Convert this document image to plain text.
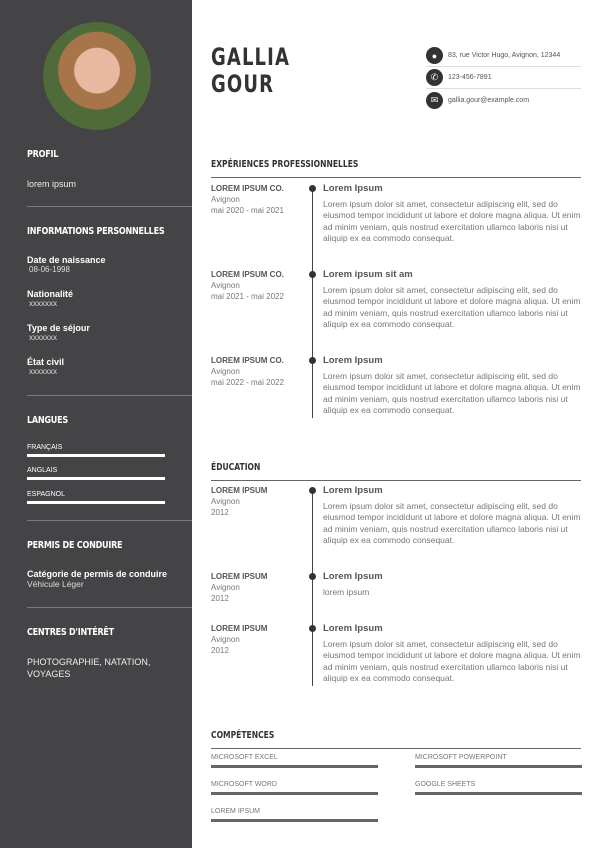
PROFIL
lorem ipsum
INFORMATIONS PERSONNELLES
Date de naissance
08-06-1998
Nationalité
xxxxxxx
Type de séjour
xxxxxxx
État civil
xxxxxxx
LANGUES
FRANÇAIS
ANGLAIS
ESPAGNOL
PERMIS DE CONDUIRE
Catégorie de permis de conduire
Véhicule Léger
CENTRES D'INTÉRÊT
PHOTOGRAPHIE, NATATION, VOYAGES
GALLIA
GOUR
●	83, rue Victor Hugo, Avignon, 12344
✆	123-456-7891
✉	gallia.gour@example.com
EXPÉRIENCES PROFESSIONNELLES
LOREM IPSUM CO.
Avignon
mai 2020 - mai 2021
Lorem Ipsum

Lorem ipsum dolor sit amet, consectetur adipiscing elit, sed do eiusmod tempor incididunt ut labore et dolore magna aliqua. Ut enim ad minim veniam, quis nostrud exercitation ullamco laboris nisi ut aliquip ex ea commodo consequat.

LOREM IPSUM CO.
Avignon
mai 2021 - mai 2022
Lorem ipsum sit am

Lorem ipsum dolor sit amet, consectetur adipiscing elit, sed do eiusmod tempor incididunt ut labore et dolore magna aliqua. Ut enim ad minim veniam, quis nostrud exercitation ullamco laboris nisi ut aliquip ex ea commodo consequat.

LOREM IPSUM CO.
Avignon
mai 2022 - mai 2022
Lorem Ipsum

Lorem ipsum dolor sit amet, consectetur adipiscing elit, sed do eiusmod tempor incididunt ut labore et dolore magna aliqua. Ut enim ad minim veniam, quis nostrud exercitation ullamco laboris nisi ut aliquip ex ea commodo consequat.

ÉDUCATION
LOREM IPSUM
Avignon
2012
Lorem Ipsum

Lorem ipsum dolor sit amet, consectetur adipiscing elit, sed do eiusmod tempor incididunt ut labore et dolore magna aliqua. Ut enim ad minim veniam, quis nostrud exercitation ullamco laboris nisi ut aliquip ex ea commodo consequat.

LOREM IPSUM
Avignon
2012
Lorem Ipsum

lorem ipsum

LOREM IPSUM
Avignon
2012
Lorem Ipsum

Lorem ipsum dolor sit amet, consectetur adipiscing elit, sed do eiusmod tempor incididunt ut labore et dolore magna aliqua. Ut enim ad minim veniam, quis nostrud exercitation ullamco laboris nisi ut aliquip ex ea commodo consequat.

COMPÉTENCES
MICROSOFT EXCEL	MICROSOFT POWERPOINT
MICROSOFT WORD	GOOGLE SHEETS
LOREM IPSUM
